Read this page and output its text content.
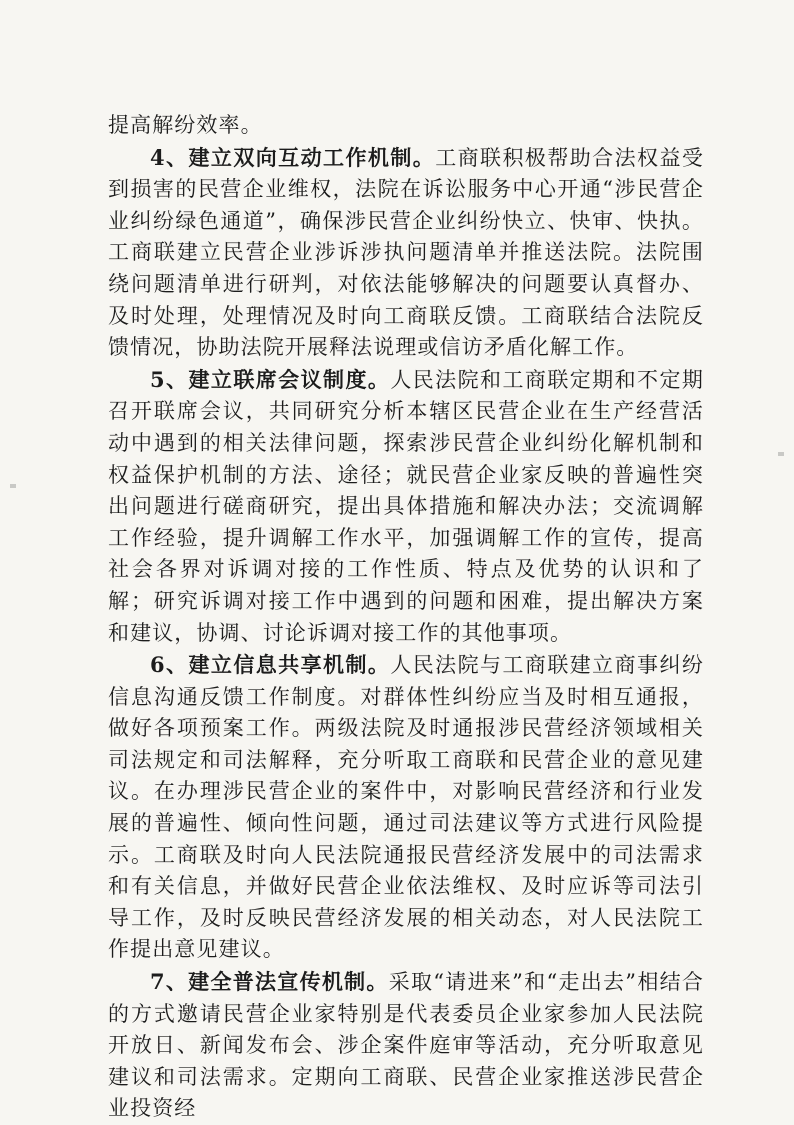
提高解纷效率。

4、建立双向互动工作机制。工商联积极帮助合法权益受到损害的民营企业维权，法院在诉讼服务中心开通“涉民营企业纠纷绿色通道”，确保涉民营企业纠纷快立、快审、快执。工商联建立民营企业涉诉涉执问题清单并推送法院。法院围绕问题清单进行研判，对依法能够解决的问题要认真督办、及时处理，处理情况及时向工商联反馈。工商联结合法院反馈情况，协助法院开展释法说理或信访矛盾化解工作。

5、建立联席会议制度。人民法院和工商联定期和不定期召开联席会议，共同研究分析本辖区民营企业在生产经营活动中遇到的相关法律问题，探索涉民营企业纠纷化解机制和权益保护机制的方法、途径；就民营企业家反映的普遍性突出问题进行磋商研究，提出具体措施和解决办法；交流调解工作经验，提升调解工作水平，加强调解工作的宣传，提高社会各界对诉调对接的工作性质、特点及优势的认识和了解；研究诉调对接工作中遇到的问题和困难，提出解决方案和建议，协调、讨论诉调对接工作的其他事项。

6、建立信息共享机制。人民法院与工商联建立商事纠纷信息沟通反馈工作制度。对群体性纠纷应当及时相互通报，做好各项预案工作。两级法院及时通报涉民营经济领域相关司法规定和司法解释，充分听取工商联和民营企业的意见建议。在办理涉民营企业的案件中，对影响民营经济和行业发展的普遍性、倾向性问题，通过司法建议等方式进行风险提示。工商联及时向人民法院通报民营经济发展中的司法需求和有关信息，并做好民营企业依法维权、及时应诉等司法引导工作，及时反映民营经济发展的相关动态，对人民法院工作提出意见建议。

7、建全普法宣传机制。采取“请进来”和“走出去”相结合的方式邀请民营企业家特别是代表委员企业家参加人民法院开放日、新闻发布会、涉企案件庭审等活动，充分听取意见建议和司法需求。定期向工商联、民营企业家推送涉民营企业投资经
